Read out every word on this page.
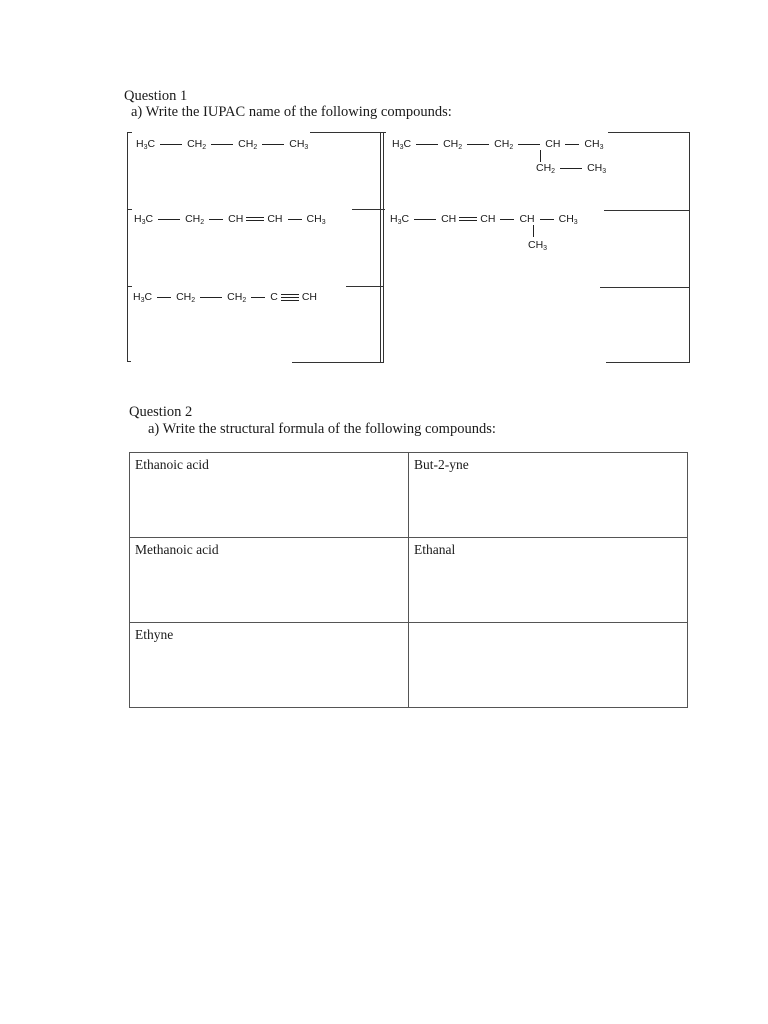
Question 1
a) Write the IUPAC name of the following compounds:
$H_3C$	$CH_2$	$CH_2$	$CH_3$	$H_3C$	$CH_2$	$CH_2$	CH $CH_3$
$CH_2$	$CH_3$
$H_3C$	$CH_2$ CH CH $CH_3$	$H_3C$	CH CH CH $CH_3$
$CH_3$
$H_3C$ $CH_2$	$CH_2$ C CH
Question 2
a) Write the structural formula of the following compounds:
Ethanoic acid	But-2-yne

Methanoic acid	Ethanal

Ethyne	
